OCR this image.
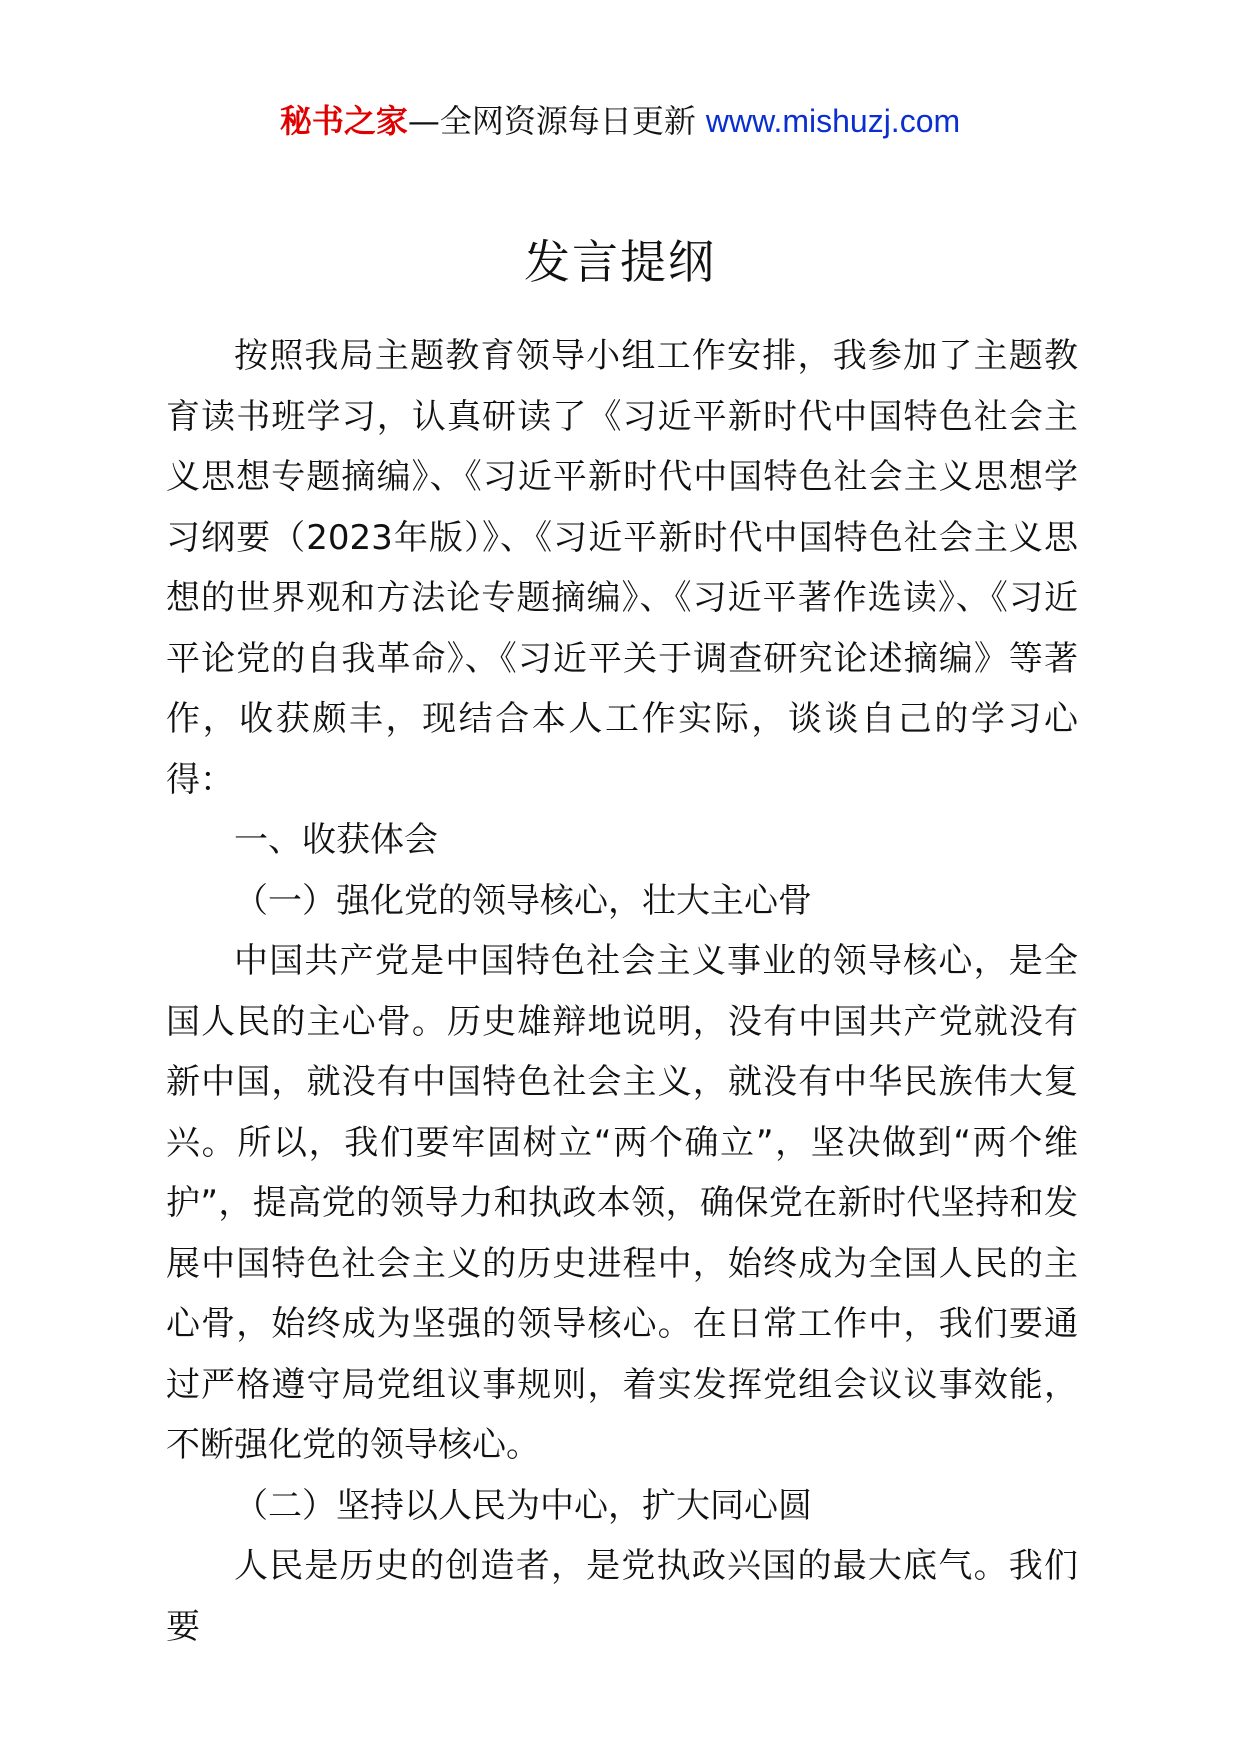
秘书之家—全网资源每日更新 www.mishuzj.com
发言提纲

按照我局主题教育领导小组工作安排，我参加了主题教育读书班学习，认真研读了《习近平新时代中国特色社会主义思想专题摘编》、《习近平新时代中国特色社会主义思想学习纲要（2023年版）》、《习近平新时代中国特色社会主义思想的世界观和方法论专题摘编》、《习近平著作选读》、《习近平论党的自我革命》、《习近平关于调查研究论述摘编》等著作，收获颇丰，现结合本人工作实际，谈谈自己的学习心得：

一、收获体会

（一）强化党的领导核心，壮大主心骨

中国共产党是中国特色社会主义事业的领导核心，是全国人民的主心骨。历史雄辩地说明，没有中国共产党就没有新中国，就没有中国特色社会主义，就没有中华民族伟大复兴。所以，我们要牢固树立“两个确立”，坚决做到“两个维护”，提高党的领导力和执政本领，确保党在新时代坚持和发展中国特色社会主义的历史进程中，始终成为全国人民的主心骨，始终成为坚强的领导核心。在日常工作中，我们要通过严格遵守局党组议事规则，着实发挥党组会议议事效能，不断强化党的领导核心。

（二）坚持以人民为中心，扩大同心圆

人民是历史的创造者，是党执政兴国的最大底气。我们要
